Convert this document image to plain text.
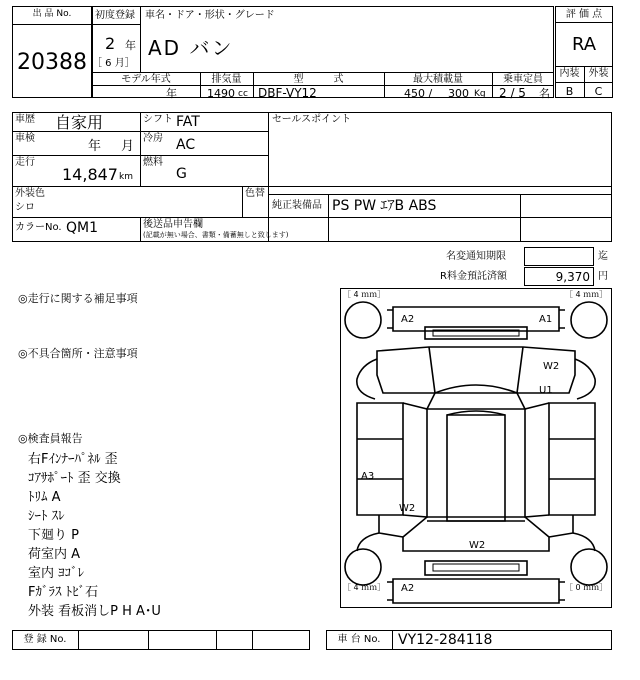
出 品 No.
20388
初度登録 車名・ドア・形状・グレード
2 年
［ 6 月］
AD バン
モデル年式	排気量	型　　　式	最大積載量	乗車定員
年	1490 cc DBF-VY12	450 / 300 Kg 2 / 5 名
評 価 点
RA
内装 外装
B	C
車歴 自家用	シフト FAT
車検
年 月
冷房 AC
走行
14,847 km
燃料
G
セールスポイント
外装色
シロ
色替
純正装備品 PS PW ｴｱB ABS
カラーNo. QM1	後送品申告欄
(記載が無い場合、書類・備蓄無しと致します)
名変通知期限	迄
R料金預託済額	9,370 円
◎走行に関する補足事項
◎不具合箇所・注意事項
◎検査員報告
右Fｲﾝﾅｰﾊﾟﾈﾙ 歪
ｺｱｻﾎﾟｰﾄ 歪 交換
ﾄﾘﾑ A
ｼｰﾄ ｽﾚ
下廻り P
荷室内 A
室内 ﾖｺﾞﾚ
Fｶﾞﾗｽ ﾄﾋﾞ石
外装 看板消しP H A･U
［ 4 ｍｍ］	［ 4 ｍｍ］
［ 4 ｍｍ］	［ 0 ｍｍ］
A2	A1
W2
U1
A3
W2
W2
A2
登 録 No.	車 台 No.	VY12-284118
